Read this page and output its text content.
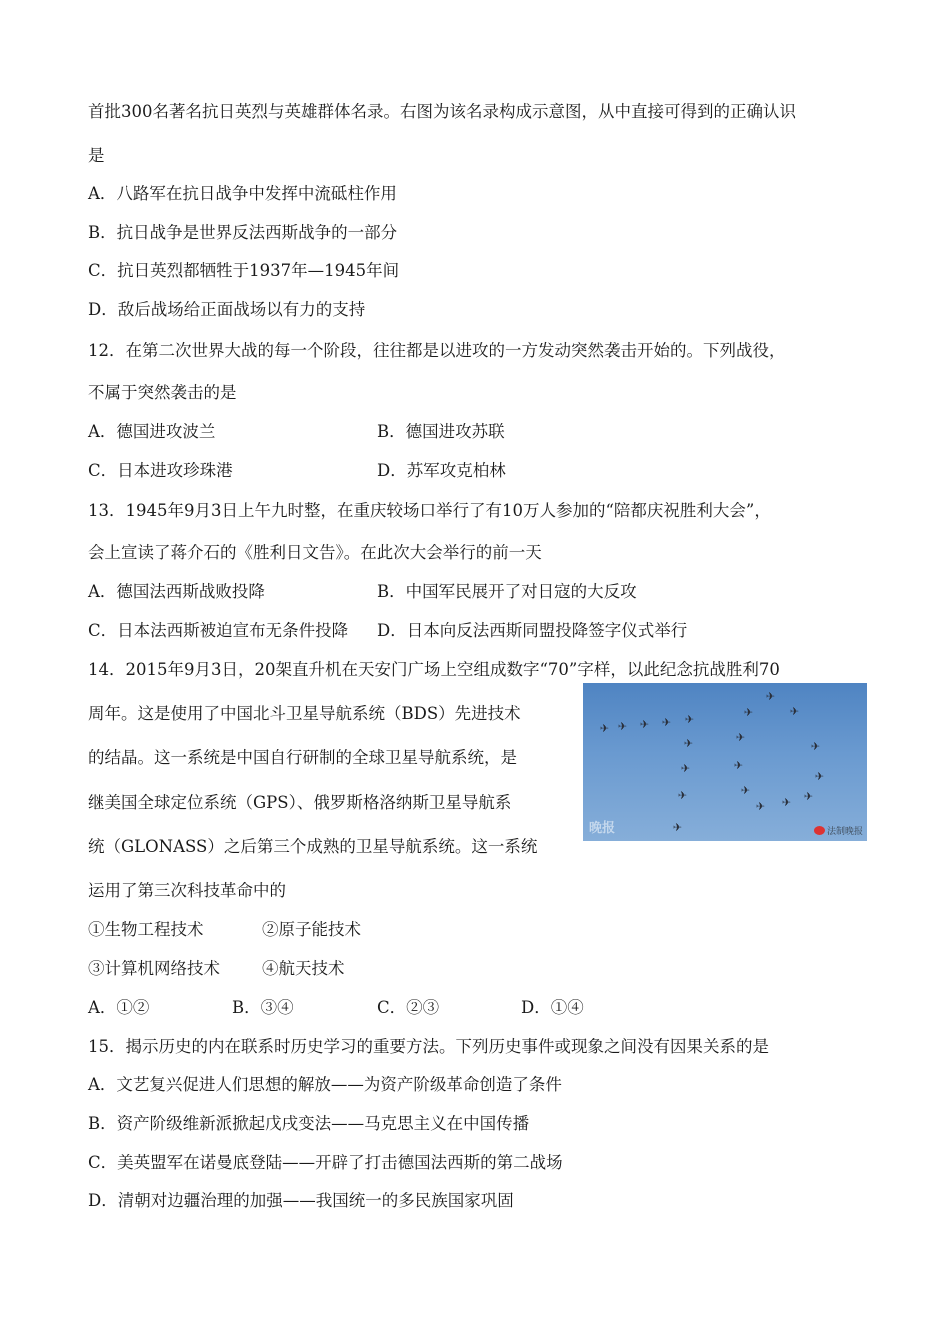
首批300名著名抗日英烈与英雄群体名录。右图为该名录构成示意图，从中直接可得到的正确认识
是
A．八路军在抗日战争中发挥中流砥柱作用
B．抗日战争是世界反法西斯战争的一部分
C．抗日英烈都牺牲于1937年—1945年间
D．敌后战场给正面战场以有力的支持
12．在第二次世界大战的每一个阶段，往往都是以进攻的一方发动突然袭击开始的。下列战役，
不属于突然袭击的是
A．德国进攻波兰	B．德国进攻苏联
C．日本进攻珍珠港	D．苏军攻克柏林
13．1945年9月3日上午九时整，在重庆较场口举行了有10万人参加的“陪都庆祝胜利大会”，
会上宣读了蒋介石的《胜利日文告》。在此次大会举行的前一天
A．德国法西斯战败投降	B．中国军民展开了对日寇的大反攻
C．日本法西斯被迫宣布无条件投降 D．日本向反法西斯同盟投降签字仪式举行
14．2015年9月3日，20架直升机在天安门广场上空组成数字“70”字样，以此纪念抗战胜利70
周年。这是使用了中国北斗卫星导航系统（BDS）先进技术
的结晶。这一系统是中国自行研制的全球卫星导航系统，是
继美国全球定位系统（GPS）、俄罗斯格洛纳斯卫星导航系
统（GLONASS）之后第三个成熟的卫星导航系统。这一系统
运用了第三次科技革命中的
✈ ✈ ✈ ✈ ✈
✈
✈
✈
✈
✈
✈	✈
✈
✈
✈
✈
✈	✈
✈ ✈
晚报	法制晚报
①生物工程技术	②原子能技术
③计算机网络技术	④航天技术
A．①②	B．③④	C．②③	D．①④
15．揭示历史的内在联系时历史学习的重要方法。下列历史事件或现象之间没有因果关系的是
A．文艺复兴促进人们思想的解放——为资产阶级革命创造了条件
B．资产阶级维新派掀起戊戌变法——马克思主义在中国传播
C．美英盟军在诺曼底登陆——开辟了打击德国法西斯的第二战场
D．清朝对边疆治理的加强——我国统一的多民族国家巩固
